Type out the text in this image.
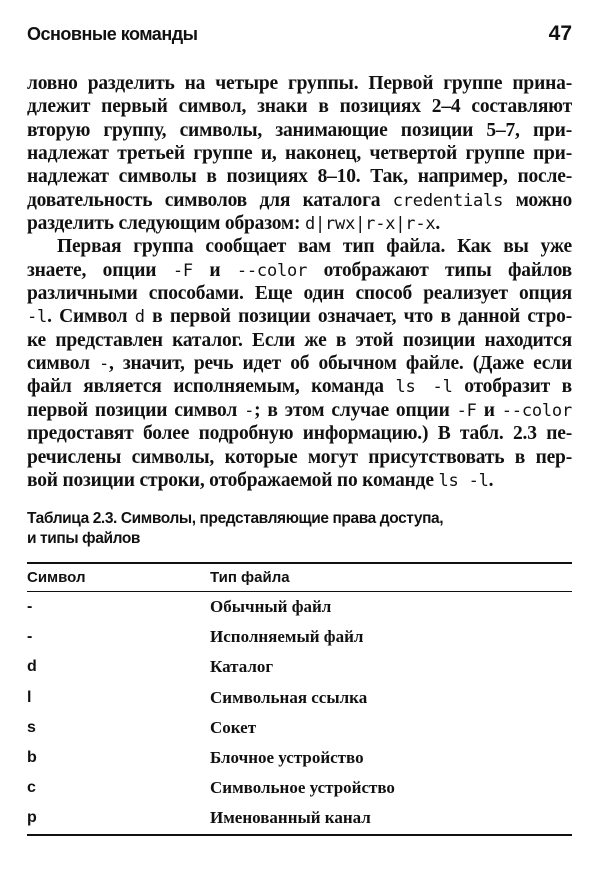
Основные команды	47
ловно разделить на четыре группы. Первой группе прина-
длежит первый символ, знаки в позициях 2–4 составляют
вторую группу, символы, занимающие позиции 5–7, при-
надлежат третьей группе и, наконец, четвертой группе при-
надлежат символы в позициях 8–10. Так, например, после-
довательность символов для каталога credentials можно
разделить следующим образом: d|rwx|r-x|r-x.
Первая группа сообщает вам тип файла. Как вы уже
знаете, опции -F и --color отображают типы файлов
различными способами. Еще один способ реализует опция
-l. Символ d в первой позиции означает, что в данной стро-
ке представлен каталог. Если же в этой позиции находится
символ -, значит, речь идет об обычном файле. (Даже если
файл является исполняемым, команда ls -l отобразит в
первой позиции символ -; в этом случае опции -F и --color
предоставят более подробную информацию.) В табл. 2.3 пе-
речислены символы, которые могут присутствовать в пер-
вой позиции строки, отображаемой по команде ls -l.
Таблица 2.3. Символы, представляющие права доступа,
и типы файлов
Символ	Тип файла
-	Обычный файл
-	Исполняемый файл
d	Каталог
l	Символьная ссылка
s	Сокет
b	Блочное устройство
c	Символьное устройство
p	Именованный канал
